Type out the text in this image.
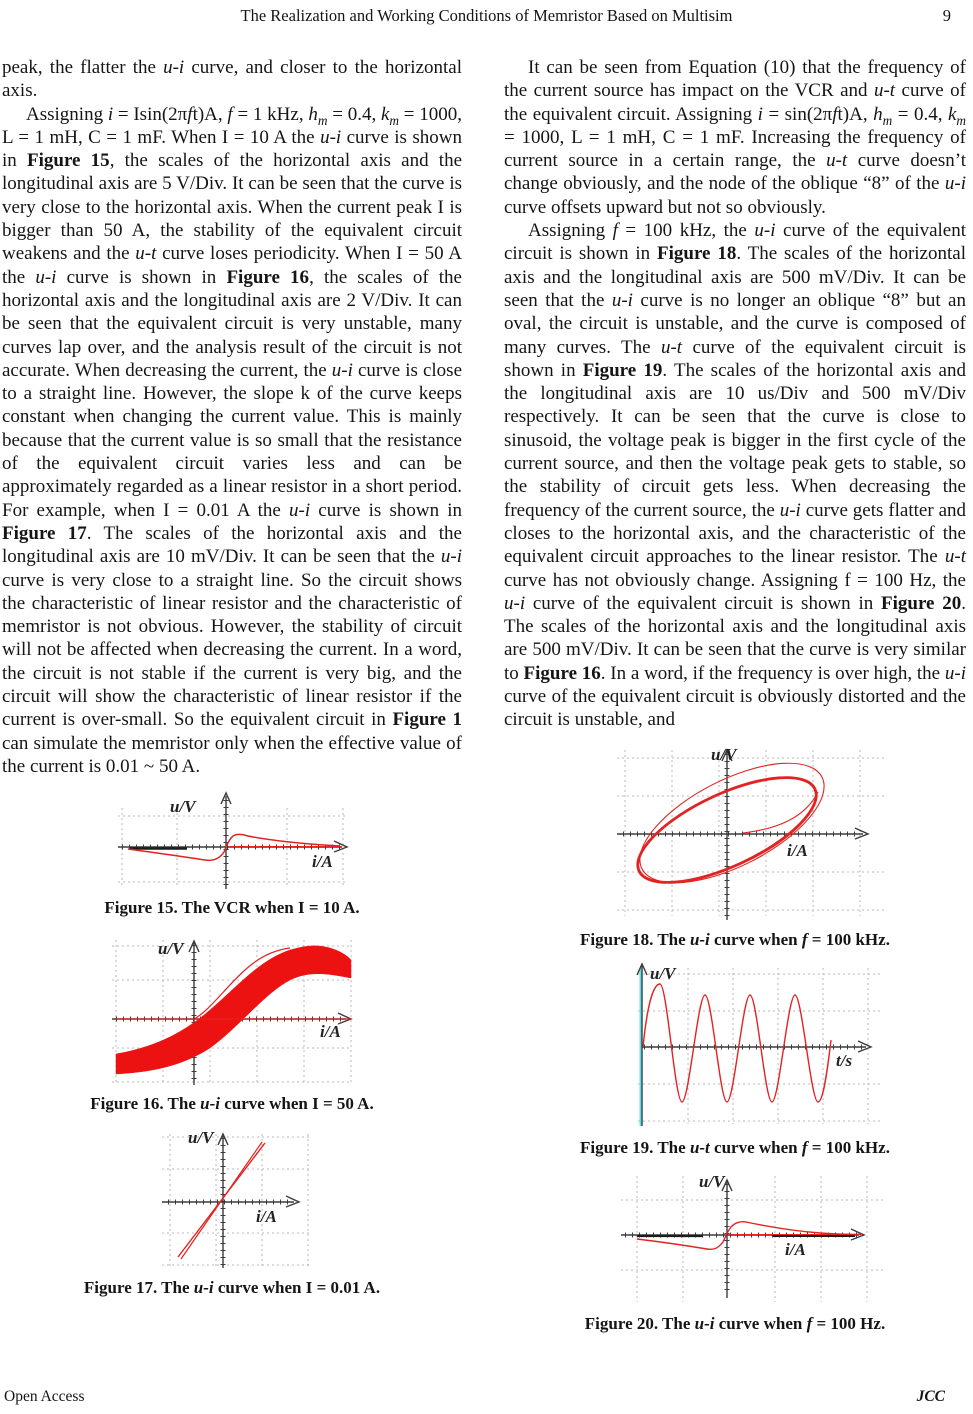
The Realization and Working Conditions of Memristor Based on Multisim	9

peak, the flatter the u-i curve, and closer to the horizontal axis.

Assigning i = Isin(2πft)A, f = 1 kHz, $h_m = 0.4$, $k_m = 1000$, L = 1 mH, C = 1 mF. When I = 10 A the u-i curve is shown in Figure 15, the scales of the horizontal axis and the longitudinal axis are 5 V/Div. It can be seen that the curve is very close to the horizontal axis. When the current peak I is bigger than 50 A, the stability of the equivalent circuit weakens and the u-t curve loses periodicity. When I = 50 A the u-i curve is shown in Figure 16, the scales of the horizontal axis and the longitudinal axis are 2 V/Div. It can be seen that the equivalent circuit is very unstable, many curves lap over, and the analysis result of the circuit is not accurate. When decreasing the current, the u-i curve is close to a straight line. However, the slope k of the curve keeps constant when changing the current value. This is mainly because that the current value is so small that the resistance of the equivalent circuit varies less and can be approximately regarded as a linear resistor in a short period. For example, when I = 0.01 A the u-i curve is shown in Figure 17. The scales of the horizontal axis and the longitudinal axis are 10 mV/Div. It can be seen that the u-i curve is very close to a straight line. So the circuit shows the characteristic of linear resistor and the characteristic of memristor is not obvious. However, the stability of circuit will not be affected when decreasing the current. In a word, the circuit is not stable if the current is very big, and the circuit will show the characteristic of linear resistor if the current is over-small. So the equivalent circuit in Figure 1 can simulate the memristor only when the effective value of the current is 0.01 ~ 50 A.

u/V
i/A
Figure 15. The VCR when I = 10 A.
u/V
i/A
Figure 16. The u-i curve when I = 50 A.
u/V
i/A
Figure 17. The u-i curve when I = 0.01 A.

It can be seen from Equation (10) that the frequency of the current source has impact on the VCR and u-t curve of the equivalent circuit. Assigning i = sin(2πft)A, $h_m = 0.4$, $k_m = 1000$, L = 1 mH, C = 1 mF. Increasing the frequency of current source in a certain range, the u-t curve doesn’t change obviously, and the node of the oblique “8” of the u-i curve offsets upward but not so obviously.

Assigning f = 100 kHz, the u-i curve of the equivalent circuit is shown in Figure 18. The scales of the horizontal axis and the longitudinal axis are 500 mV/Div. It can be seen that the u-i curve is no longer an oblique “8” but an oval, the circuit is unstable, and the curve is composed of many curves. The u-t curve of the equivalent circuit is shown in Figure 19. The scales of the horizontal axis and the longitudinal axis are 10 us/Div and 500 mV/Div respectively. It can be seen that the curve is close to sinusoid, the voltage peak is bigger in the first cycle of the current source, and then the voltage peak gets to stable, so the stability of circuit gets less. When decreasing the frequency of the current source, the u-i curve gets flatter and closes to the horizontal axis, and the characteristic of the equivalent circuit approaches to the linear resistor. The u-t curve has not obviously change. Assigning f = 100 Hz, the u-i curve of the equivalent circuit is shown in Figure 20. The scales of the horizontal axis and the longitudinal axis are 500 mV/Div. It can be seen that the curve is very similar to Figure 16. In a word, if the frequency is over high, the u-i curve of the equivalent circuit is obviously distorted and the circuit is unstable, and

u/V
i/A
Figure 18. The u-i curve when f = 100 kHz.
u/V
t/s
Figure 19. The u-t curve when f = 100 kHz.
u/V
i/A
Figure 20. The u-i curve when f = 100 Hz.
Open Access	JCC
